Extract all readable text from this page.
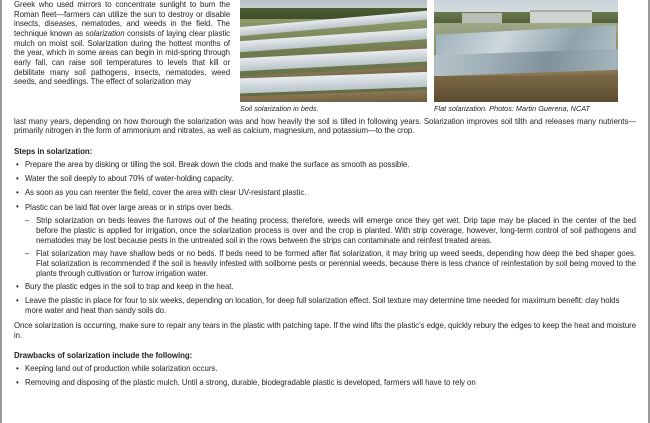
Greek who used mirrors to concentrate sunlight to burn the Roman fleet—farmers can utilize the sun to destroy or disable insects, diseases, nematodes, and weeds in the field. The technique known as solarization consists of laying clear plastic mulch on moist soil. Solarization during the hottest months of the year, which in some areas can begin in mid-spring through early fall, can raise soil temperatures to levels that kill or debilitate many soil pathogens, insects, nematodes, weed seeds, and seedlings. The effect of solarization may

Soil solarization in beds.	Flat solarization. Photos: Martin Guerena, NCAT

last many years, depending on how thorough the solarization was and how heavily the soil is tilled in following years. Solarization improves soil tilth and releases many nutrients—primarily nitrogen in the form of ammonium and nitrates, as well as calcium, magnesium, and potassium—to the crop.

Steps in solarization:
• Prepare the area by disking or tilling the soil. Break down the clods and make the surface as smooth as possible.
• Water the soil deeply to about 70% of water-holding capacity.
• As soon as you can reenter the field, cover the area with clear UV-resistant plastic.
• Plastic can be laid flat over large areas or in strips over beds.
– Strip solarization on beds leaves the furrows out of the heating process; therefore, weeds will emerge once they get wet. Drip tape may be placed in the center of the bed before the plastic is applied for irrigation, once the solarization process is over and the crop is planted. With strip coverage, however, long-term control of soil pathogens and nematodes may be lost because pests in the untreated soil in the rows between the strips can contaminate and reinfest treated areas.
– Flat solarization may have shallow beds or no beds. If beds need to be formed after flat solarization, it may bring up weed seeds, depending how deep the bed shaper goes. Flat solarization is recommended if the soil is heavily infested with soilborne pests or perennial weeds, because there is less chance of reinfestation by soil being moved to the plants through cultivation or furrow irrigation water.
• Bury the plastic edges in the soil to trap and keep in the heat.
• Leave the plastic in place for four to six weeks, depending on location, for deep full solarization effect. Soil texture may determine time needed for maximum benefit: clay holds more water and heat than sandy soils do.

Once solarization is occurring, make sure to repair any tears in the plastic with patching tape. If the wind lifts the plastic’s edge, quickly rebury the edges to keep the heat and moisture in.

Drawbacks of solarization include the following:
• Keeping land out of production while solarization occurs.
• Removing and disposing of the plastic mulch. Until a strong, durable, biodegradable plastic is developed, farmers will have to rely on
